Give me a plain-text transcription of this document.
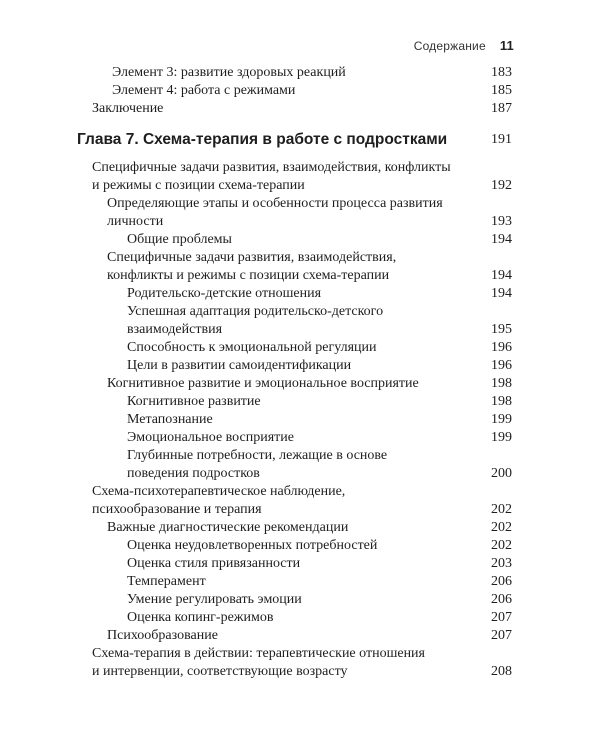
Содержание 11
Элемент 3: развитие здоровых реакций	183
Элемент 4: работа с режимами	185
Заключение	187
Глава 7. Схема-терапия в работе с подростками	191
Специфичные задачи развития, взаимодействия, конфликты
и режимы с позиции схема-терапии	192
Определяющие этапы и особенности процесса развития
личности	193
Общие проблемы	194
Специфичные задачи развития, взаимодействия,
конфликты и режимы с позиции схема-терапии	194
Родительско-детские отношения	194
Успешная адаптация родительско-детского
взаимодействия	195
Способность к эмоциональной регуляции	196
Цели в развитии самоидентификации	196
Когнитивное развитие и эмоциональное восприятие	198
Когнитивное развитие	198
Метапознание	199
Эмоциональное восприятие	199
Глубинные потребности, лежащие в основе
поведения подростков	200
Схема-психотерапевтическое наблюдение,
психообразование и терапия	202
Важные диагностические рекомендации	202
Оценка неудовлетворенных потребностей	202
Оценка стиля привязанности	203
Темперамент	206
Умение регулировать эмоции	206
Оценка копинг-режимов	207
Психообразование	207
Схема-терапия в действии: терапевтические отношения
и интервенции, соответствующие возрасту	208
